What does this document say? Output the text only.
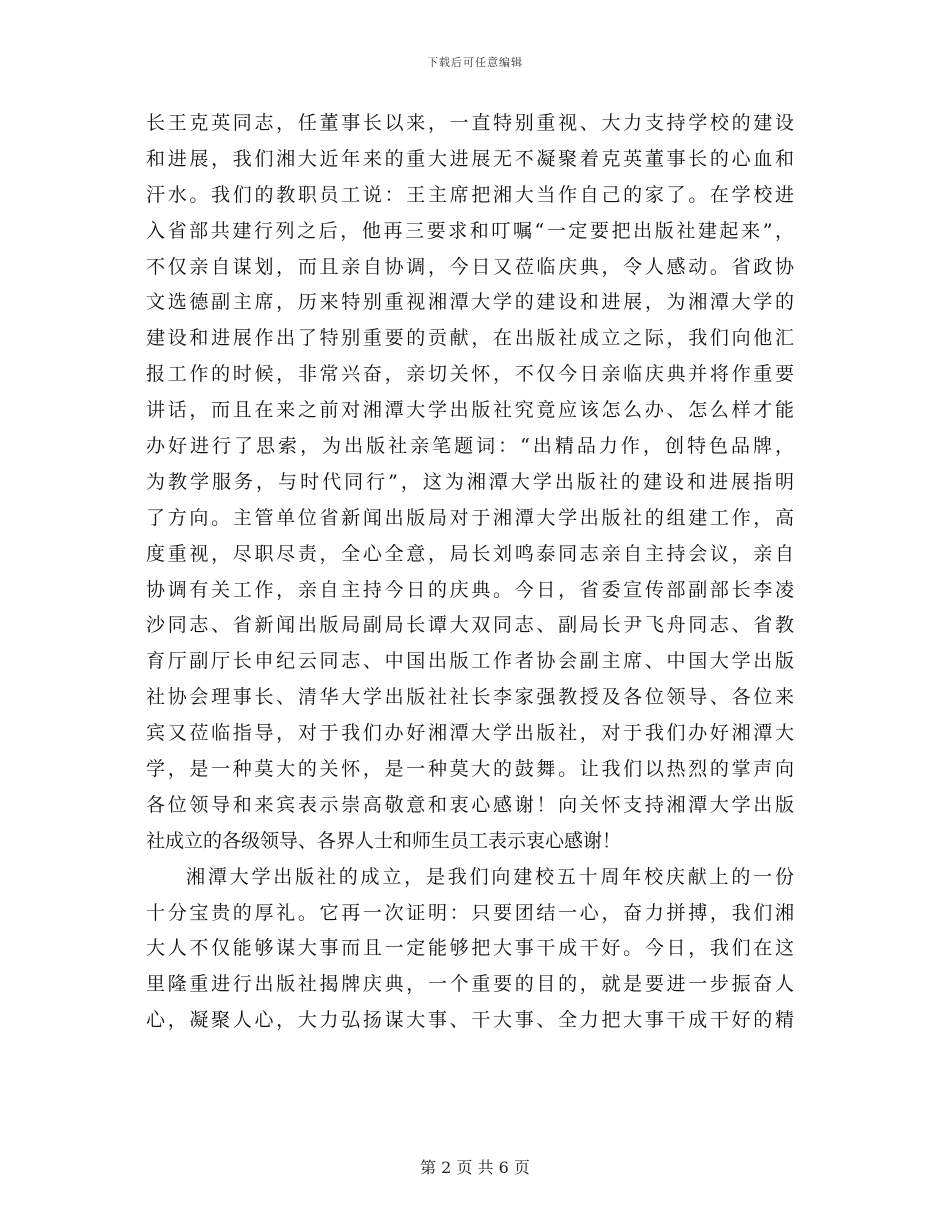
下载后可任意编辑
长王克英同志，任董事长以来，一直特别重视、大力支持学校的建设
和进展，我们湘大近年来的重大进展无不凝聚着克英董事长的心血和
汗水。我们的教职员工说：王主席把湘大当作自己的家了。在学校进
入省部共建行列之后，他再三要求和叮嘱“一定要把出版社建起来”，
不仅亲自谋划，而且亲自协调，今日又莅临庆典，令人感动。省政协
文选德副主席，历来特别重视湘潭大学的建设和进展，为湘潭大学的
建设和进展作出了特别重要的贡献，在出版社成立之际，我们向他汇
报工作的时候，非常兴奋，亲切关怀，不仅今日亲临庆典并将作重要
讲话，而且在来之前对湘潭大学出版社究竟应该怎么办、怎么样才能
办好进行了思索，为出版社亲笔题词：“出精品力作，创特色品牌，
为教学服务，与时代同行”，这为湘潭大学出版社的建设和进展指明
了方向。主管单位省新闻出版局对于湘潭大学出版社的组建工作，高
度重视，尽职尽责，全心全意，局长刘鸣泰同志亲自主持会议，亲自
协调有关工作，亲自主持今日的庆典。今日，省委宣传部副部长李凌
沙同志、省新闻出版局副局长谭大双同志、副局长尹飞舟同志、省教
育厅副厅长申纪云同志、中国出版工作者协会副主席、中国大学出版
社协会理事长、清华大学出版社社长李家强教授及各位领导、各位来
宾又莅临指导，对于我们办好湘潭大学出版社，对于我们办好湘潭大
学，是一种莫大的关怀，是一种莫大的鼓舞。让我们以热烈的掌声向
各位领导和来宾表示崇高敬意和衷心感谢！向关怀支持湘潭大学出版
社成立的各级领导、各界人士和师生员工表示衷心感谢！
湘潭大学出版社的成立，是我们向建校五十周年校庆献上的一份
十分宝贵的厚礼。它再一次证明：只要团结一心，奋力拼搏，我们湘
大人不仅能够谋大事而且一定能够把大事干成干好。今日，我们在这
里隆重进行出版社揭牌庆典，一个重要的目的，就是要进一步振奋人
心，凝聚人心，大力弘扬谋大事、干大事、全力把大事干成干好的精
第 2 页 共 6 页
